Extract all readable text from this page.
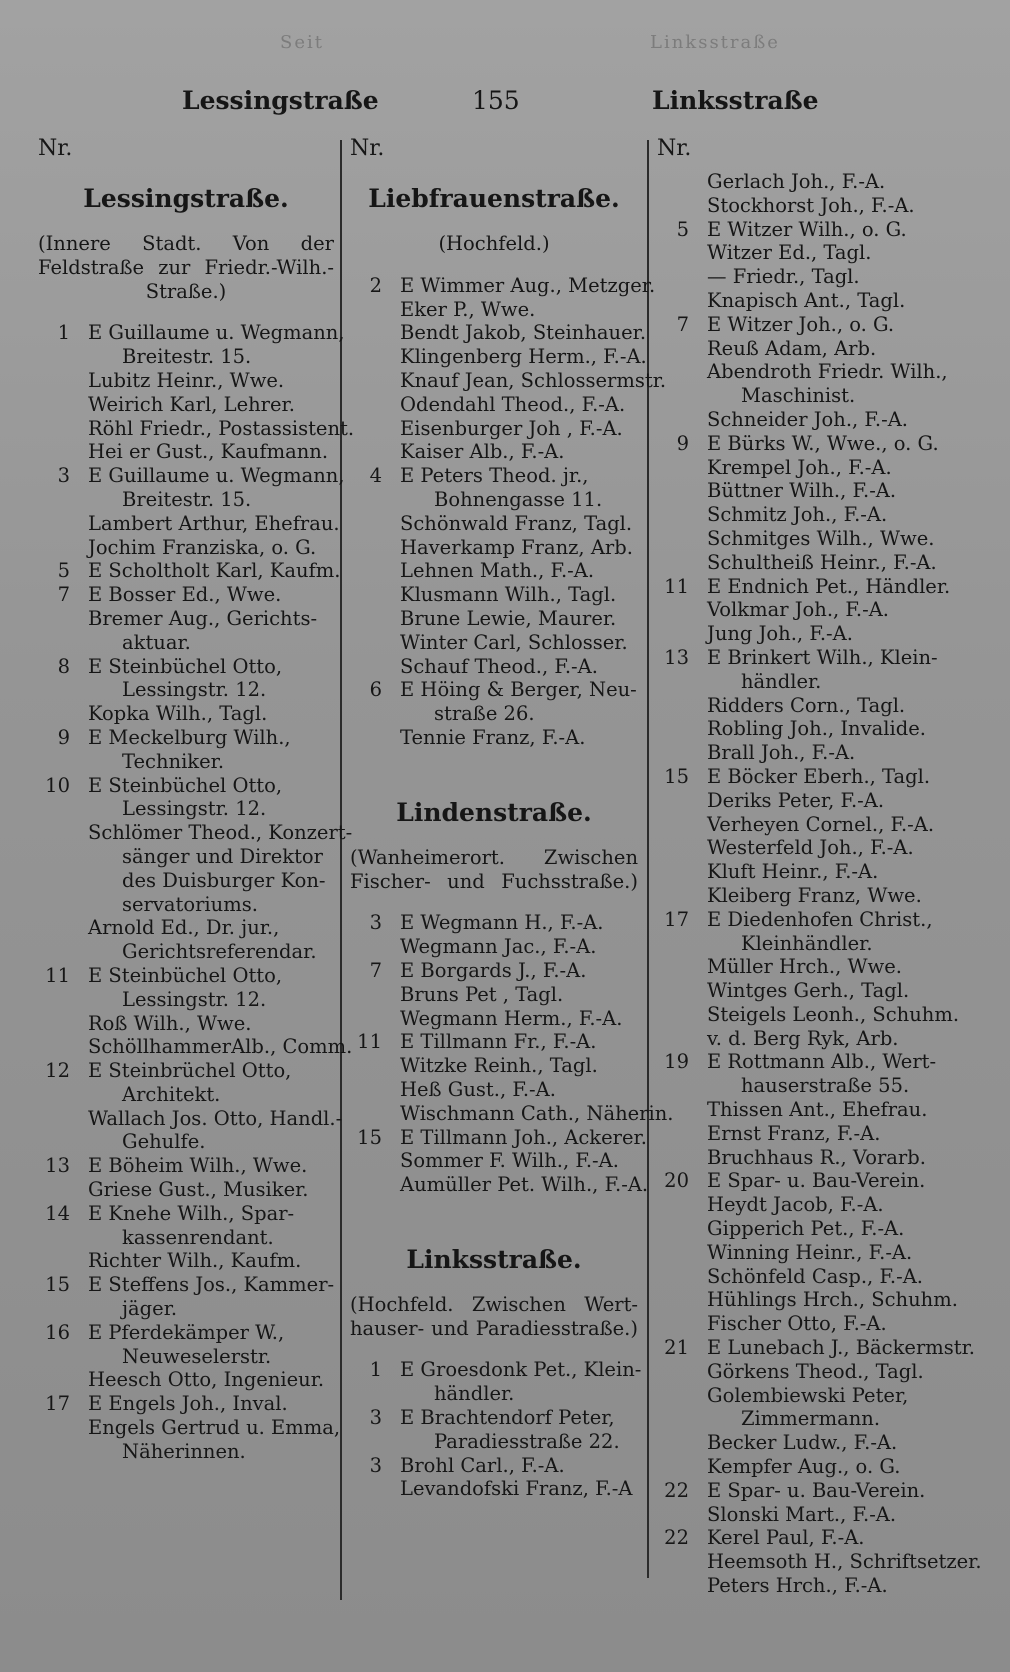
Seit	Linksstraße
Lessingstraße	155	Linksstraße
Nr.	Nr.	Nr.
Lessingstraße.
(Innere Stadt. Von der
Feldstraße zur Friedr.-Wilh.-
Straße.)
1 E Guillaume u. Wegmann,
Breitestr. 15.
Lubitz Heinr., Wwe.
Weirich Karl, Lehrer.
Röhl Friedr., Postassistent.
Hei er Gust., Kaufmann.
3 E Guillaume u. Wegmann,
Breitestr. 15.
Lambert Arthur, Ehefrau.
Jochim Franziska, o. G.
5 E Scholtholt Karl, Kaufm.
7 E Bosser Ed., Wwe.
Bremer Aug., Gerichts-
aktuar.
8 E Steinbüchel Otto,
Lessingstr. 12.
Kopka Wilh., Tagl.
9 E Meckelburg Wilh.,
Techniker.
10 E Steinbüchel Otto,
Lessingstr. 12.
Schlömer Theod., Konzert-
sänger und Direktor
des Duisburger Kon-
servatoriums.
Arnold Ed., Dr. jur.,
Gerichtsreferendar.
11 E Steinbüchel Otto,
Lessingstr. 12.
Roß Wilh., Wwe.
SchöllhammerAlb., Comm.
12 E Steinbrüchel Otto,
Architekt.
Wallach Jos. Otto, Handl.-
Gehulfe.
13 E Böheim Wilh., Wwe.
Griese Gust., Musiker.
14 E Knehe Wilh., Spar-
kassenrendant.
Richter Wilh., Kaufm.
15 E Steffens Jos., Kammer-
jäger.
16 E Pferdekämper W.,
Neuweselerstr.
Heesch Otto, Ingenieur.
17 E Engels Joh., Inval.
Engels Gertrud u. Emma,
Näherinnen.
Liebfrauenstraße.
(Hochfeld.)
2 E Wimmer Aug., Metzger.
Eker P., Wwe.
Bendt Jakob, Steinhauer.
Klingenberg Herm., F.-A.
Knauf Jean, Schlossermstr.
Odendahl Theod., F.-A.
Eisenburger Joh , F.-A.
Kaiser Alb., F.-A.
4 E Peters Theod. jr.,
Bohnengasse 11.
Schönwald Franz, Tagl.
Haverkamp Franz, Arb.
Lehnen Math., F.-A.
Klusmann Wilh., Tagl.
Brune Lewie, Maurer.
Winter Carl, Schlosser.
Schauf Theod., F.-A.
6 E Höing & Berger, Neu-
straße 26.
Tennie Franz, F.-A.
Lindenstraße.
(Wanheimerort. Zwischen
Fischer- und Fuchsstraße.)
3 E Wegmann H., F.-A.
Wegmann Jac., F.-A.
7 E Borgards J., F.-A.
Bruns Pet , Tagl.
Wegmann Herm., F.-A.
11 E Tillmann Fr., F.-A.
Witzke Reinh., Tagl.
Heß Gust., F.-A.
Wischmann Cath., Näherin.
15 E Tillmann Joh., Ackerer.
Sommer F. Wilh., F.-A.
Aumüller Pet. Wilh., F.-A.
Linksstraße.
(Hochfeld. Zwischen Wert-
hauser- und Paradiesstraße.)
1 E Groesdonk Pet., Klein-
händler.
3 E Brachtendorf Peter,
Paradiesstraße 22.
3 Brohl Carl., F.-A.
Levandofski Franz, F.-A
Gerlach Joh., F.-A.
Stockhorst Joh., F.-A.
5 E Witzer Wilh., o. G.
Witzer Ed., Tagl.
— Friedr., Tagl.
Knapisch Ant., Tagl.
7 E Witzer Joh., o. G.
Reuß Adam, Arb.
Abendroth Friedr. Wilh.,
Maschinist.
Schneider Joh., F.-A.
9 E Bürks W., Wwe., o. G.
Krempel Joh., F.-A.
Büttner Wilh., F.-A.
Schmitz Joh., F.-A.
Schmitges Wilh., Wwe.
Schultheiß Heinr., F.-A.
11 E Endnich Pet., Händler.
Volkmar Joh., F.-A.
Jung Joh., F.-A.
13 E Brinkert Wilh., Klein-
händler.
Ridders Corn., Tagl.
Robling Joh., Invalide.
Brall Joh., F.-A.
15 E Böcker Eberh., Tagl.
Deriks Peter, F.-A.
Verheyen Cornel., F.-A.
Westerfeld Joh., F.-A.
Kluft Heinr., F.-A.
Kleiberg Franz, Wwe.
17 E Diedenhofen Christ.,
Kleinhändler.
Müller Hrch., Wwe.
Wintges Gerh., Tagl.
Steigels Leonh., Schuhm.
v. d. Berg Ryk, Arb.
19 E Rottmann Alb., Wert-
hauserstraße 55.
Thissen Ant., Ehefrau.
Ernst Franz, F.-A.
Bruchhaus R., Vorarb.
20 E Spar- u. Bau-Verein.
Heydt Jacob, F.-A.
Gipperich Pet., F.-A.
Winning Heinr., F.-A.
Schönfeld Casp., F.-A.
Hühlings Hrch., Schuhm.
Fischer Otto, F.-A.
21 E Lunebach J., Bäckermstr.
Görkens Theod., Tagl.
Golembiewski Peter,
Zimmermann.
Becker Ludw., F.-A.
Kempfer Aug., o. G.
22 E Spar- u. Bau-Verein.
Slonski Mart., F.-A.
22 Kerel Paul, F.-A.
Heemsoth H., Schriftsetzer.
Peters Hrch., F.-A.
